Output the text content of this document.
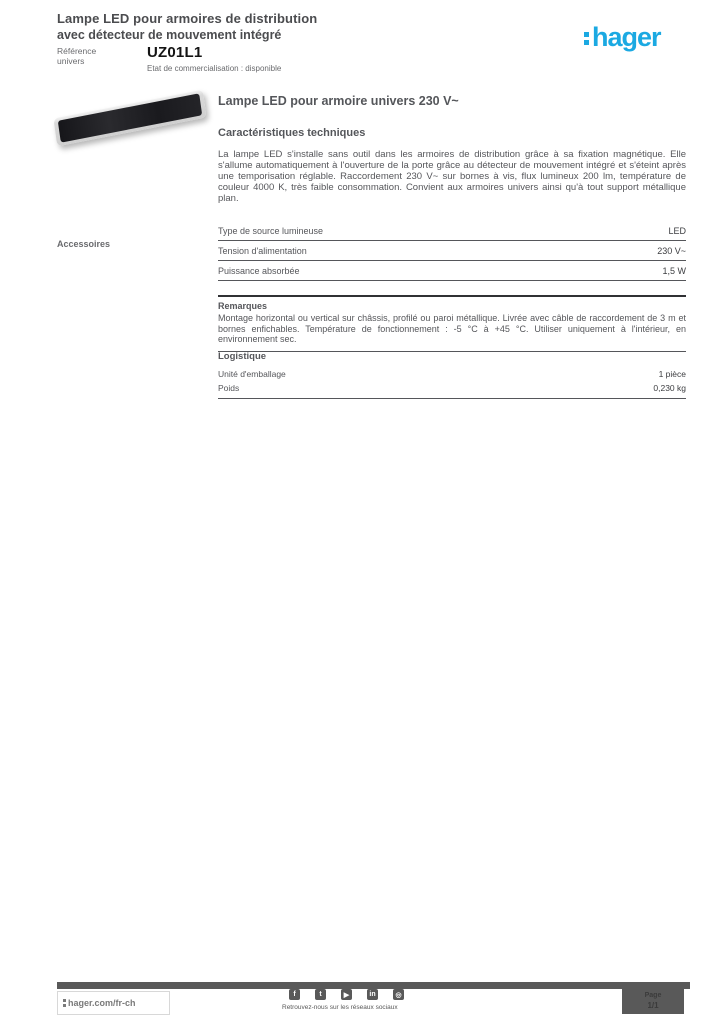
Lampe LED pour armoires de distribution
avec détecteur de mouvement intégré
Référence
univers	UZ01L1
Etat de commercialisation : disponible
hager
Lampe LED pour armoire univers 230 V~
Caractéristiques techniques
La lampe LED s'installe sans outil dans les armoires de distribution grâce à sa fixation magnétique. Elle s'allume automatiquement à l'ouverture de la porte grâce au détecteur de mouvement intégré et s'éteint après une temporisation réglable. Raccordement 230 V~ sur bornes à vis, flux lumineux 200 lm, température de couleur 4000 K, très faible consommation. Convient aux armoires univers ainsi qu'à tout support métallique plan.
Accessoires
Type de source lumineuse	LED
Tension d'alimentation	230 V~
Puissance absorbée	1,5 W
Remarques
Montage horizontal ou vertical sur châssis, profilé ou paroi métallique. Livrée avec câble de raccordement de 3 m et bornes enfichables. Température de fonctionnement : -5 °C à +45 °C. Utiliser uniquement à l'intérieur, en environnement sec.
Logistique
Unité d'emballage	1 pièce
Poids	0,230 kg
hager.com/fr-ch
f	t	▶	in	◎
Retrouvez-nous sur les réseaux sociaux
Page
1/1
